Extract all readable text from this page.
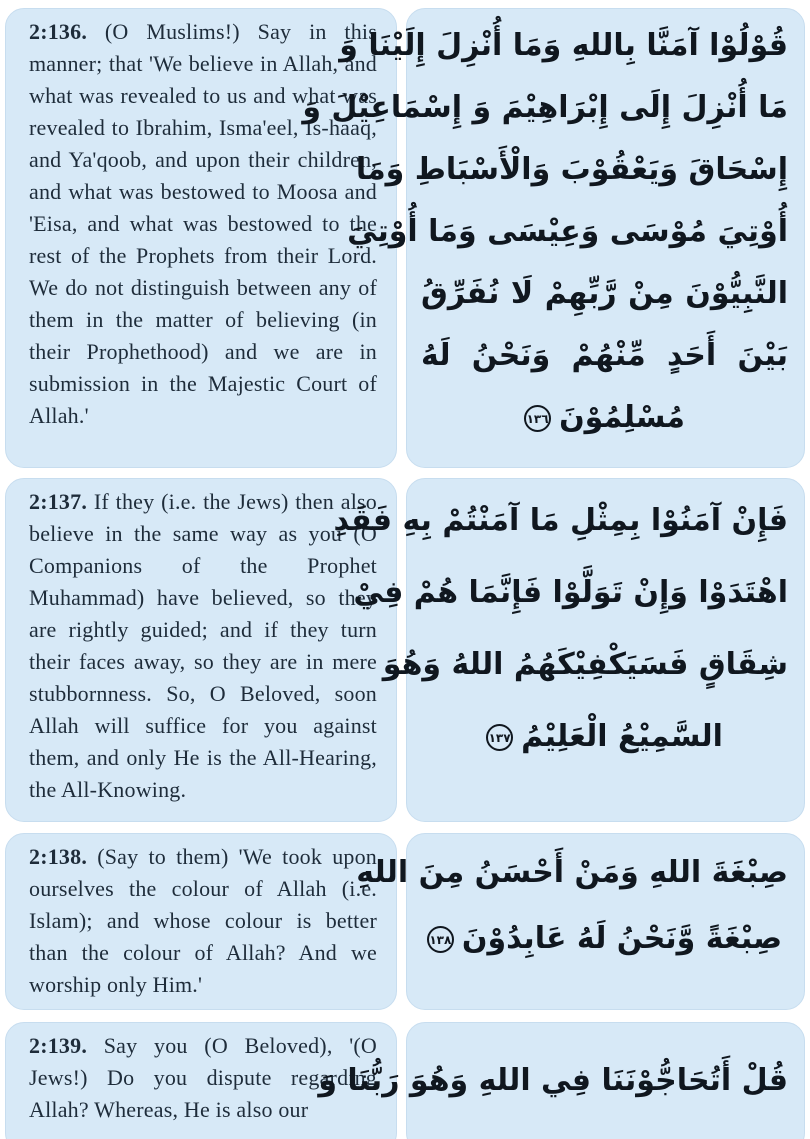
2:136. (O Muslims!) Say in this manner; that 'We believe in Allah, and what was revealed to us and what was revealed to Ibrahim, Isma'eel, Is-haaq, and Ya'qoob, and upon their children, and what was bestowed to Moosa and 'Eisa, and what was bestowed to the rest of the Prophets from their Lord. We do not distinguish between any of them in the matter of believing (in their Prophethood) and we are in submission in the Majestic Court of Allah.'

قُوْلُوْا آمَنَّا بِاللهِ وَمَا أُنْزِلَ إِلَيْنَا وَ
مَا أُنْزِلَ إِلَى إِبْرَاهِيْمَ وَ إِسْمَاعِيْلَ وَ
إِسْحَاقَ وَيَعْقُوْبَ وَالْأَسْبَاطِ وَمَا
أُوْتِيَ مُوْسَى وَعِيْسَى وَمَا أُوْتِيَ
النَّبِيُّوْنَ مِنْ رَّبِّهِمْ لَا نُفَرِّقُ
بَيْنَ أَحَدٍ مِّنْهُمْ وَنَحْنُ لَهُ
مُسْلِمُوْنَ١٣٦

2:137. If they (i.e. the Jews) then also believe in the same way as you (O Companions of the Prophet Muhammad) have believed, so they are rightly guided; and if they turn their faces away, so they are in mere stubbornness. So, O Beloved, soon Allah will suffice for you against them, and only He is the All-Hearing, the All-Knowing.

فَإِنْ آمَنُوْا بِمِثْلِ مَا آمَنْتُمْ بِهِ فَقَدِ
اهْتَدَوْا وَإِنْ تَوَلَّوْا فَإِنَّمَا هُمْ فِيْ
شِقَاقٍ فَسَيَكْفِيْكَهُمُ اللهُ وَهُوَ
السَّمِيْعُ الْعَلِيْمُ١٣٧

2:138. (Say to them) 'We took upon ourselves the colour of Allah (i.e. Islam); and whose colour is better than the colour of Allah? And we worship only Him.'

صِبْغَةَ اللهِ وَمَنْ أَحْسَنُ مِنَ اللهِ
صِبْغَةً وَّنَحْنُ لَهُ عَابِدُوْنَ١٣٨

2:139. Say you (O Beloved), '(O Jews!) Do you dispute regarding Allah? Whereas, He is also our

قُلْ أَتُحَاجُّوْنَنَا فِي اللهِ وَهُوَ رَبُّنَا وَ
